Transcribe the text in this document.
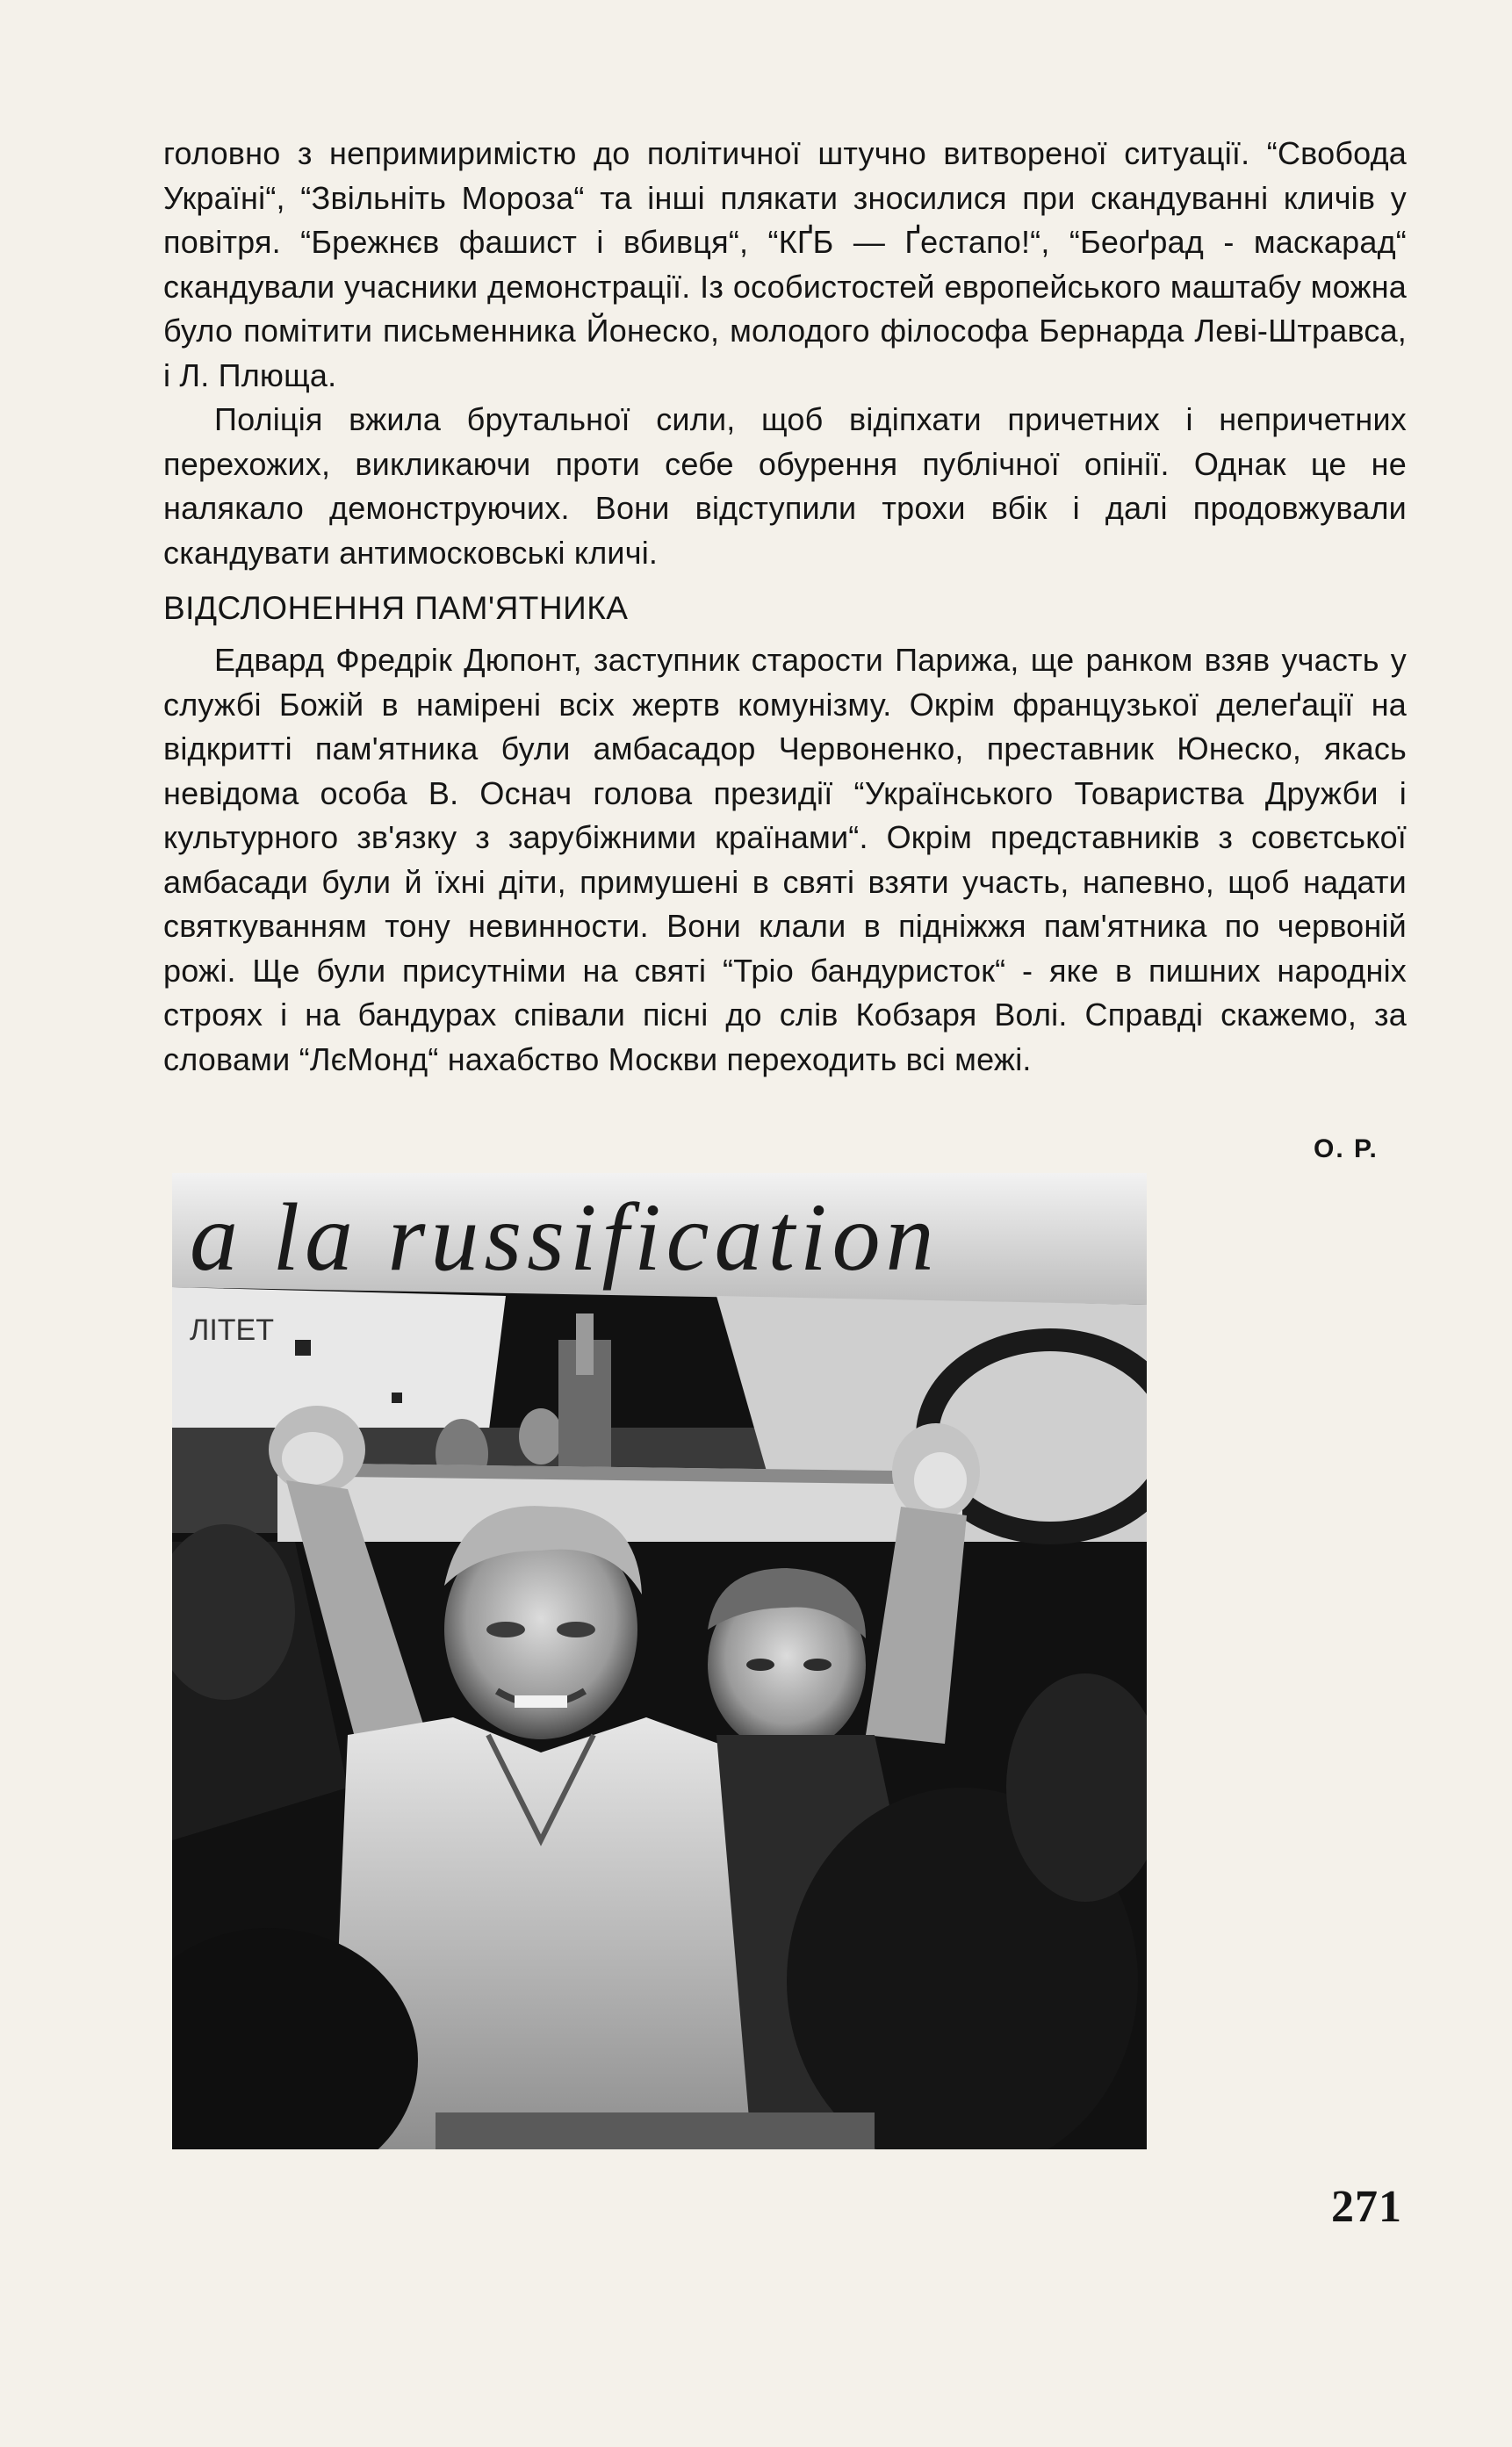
головно з непримиримістю до політичної штучно витвореної ситуації. “Свобода Україні“, “Звільніть Мороза“ та інші плякати зносилися при скандуванні кличів у повітря. “Брежнєв фашист і вбивця“, “КҐБ — Ґестапо!“, “Беоґрад - маскарад“ скандували учасники демонстрації. Із особистостей европейського маштабу можна було помітити письменника Йонеско, молодого філософа Бернарда Леві-Штравса, і Л. Плюща.

Поліція вжила брутальної сили, щоб відіпхати причетних і непричетних перехожих, викликаючи проти себе обурення публічної опінії. Однак це не налякало демонструючих. Вони відступили трохи вбік і далі продовжували скандувати антимосковські кличі.

ВІДСЛОНЕННЯ ПАМ'ЯТНИКА

Едвард Фредрік Дюпонт, заступник старости Парижа, ще ранком взяв участь у службі Божій в намірені всіх жертв комунізму. Окрім французької делеґації на відкритті пам'ятника були амбасадор Червоненко, преставник Юнеско, якась невідома особа В. Оснач голова президії “Українського Товариства Дружби і культурного зв'язку з зарубіжними країнами“. Окрім представників з совєтської амбасади були й їхні діти, примушені в святі взяти участь, напевно, щоб надати святкуванням тону невинности. Вони клали в підніжжя пам'ятника по червоній рожі. Ще були присутніми на святі “Тріо бандуристок“ - яке в пишних народніх строях і на бандурах співали пісні до слів Кобзаря Волі. Справді скажемо, за словами “ЛєМонд“ нахабство Москви переходить всі межі.

О. Р.
a la russification
ЛІТЕТ
271
